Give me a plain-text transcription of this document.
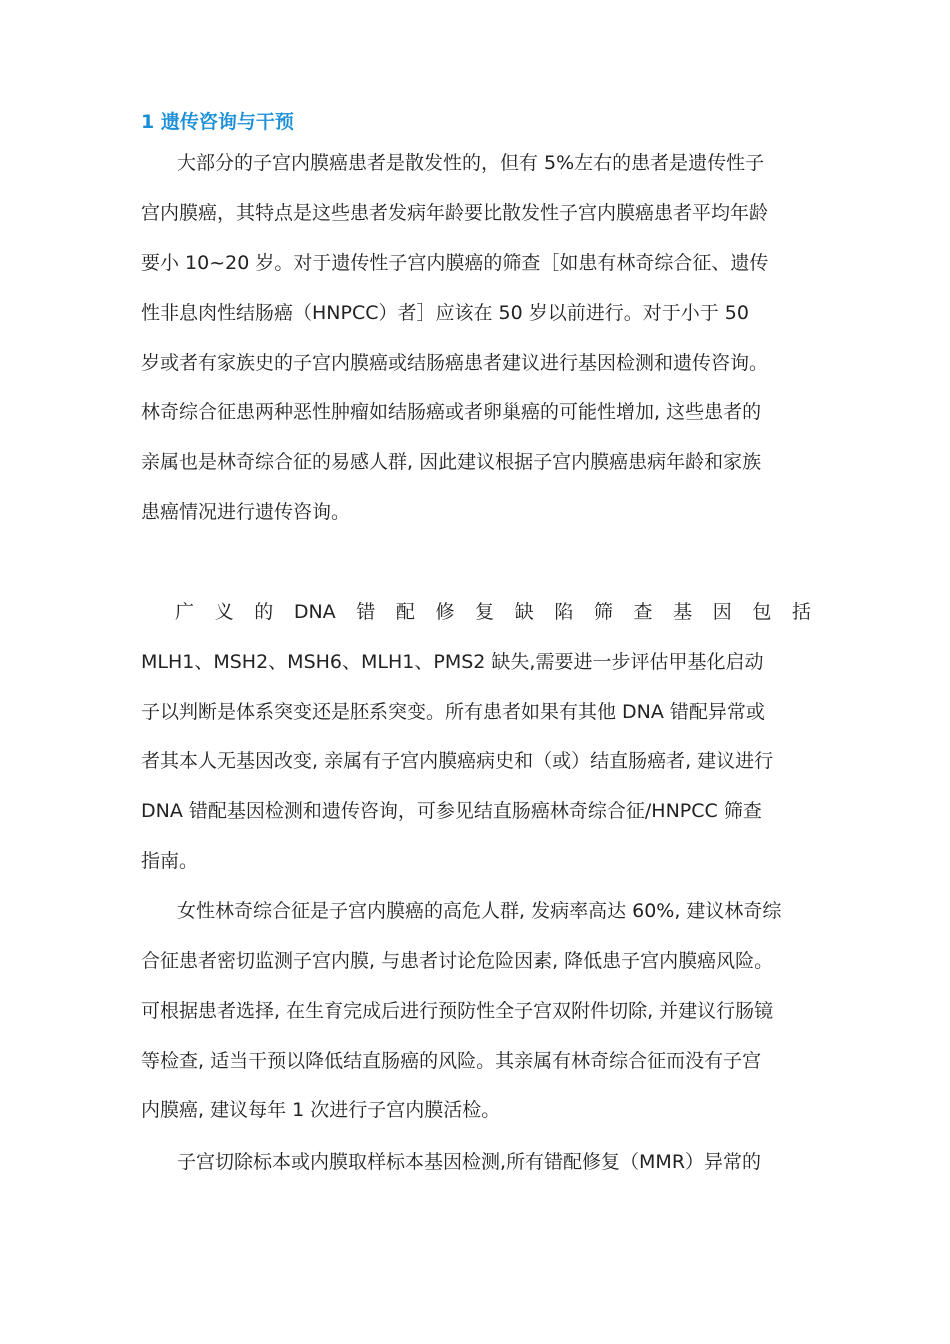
1 遗传咨询与干预
大部分的子宫内膜癌患者是散发性的，但有 5%左右的患者是遗传性子
宫内膜癌，其特点是这些患者发病年龄要比散发性子宫内膜癌患者平均年龄
要小 10~20 岁。对于遗传性子宫内膜癌的筛查［如患有林奇综合征、遗传
性非息肉性结肠癌（HNPCC）者］应该在 50 岁以前进行。对于小于 50
岁或者有家族史的子宫内膜癌或结肠癌患者建议进行基因检测和遗传咨询。
林奇综合征患两种恶性肿瘤如结肠癌或者卵巢癌的可能性增加, 这些患者的
亲属也是林奇综合征的易感人群, 因此建议根据子宫内膜癌患病年龄和家族
患癌情况进行遗传咨询。
广 义 的 DNA 错 配 修 复 缺 陷 筛 查 基 因 包 括
MLH1、MSH2、MSH6、MLH1、PMS2 缺失,需要进一步评估甲基化启动
子以判断是体系突变还是胚系突变。所有患者如果有其他 DNA 错配异常或
者其本人无基因改变, 亲属有子宫内膜癌病史和（或）结直肠癌者, 建议进行
DNA 错配基因检测和遗传咨询，可参见结直肠癌林奇综合征/HNPCC 筛查
指南。
女性林奇综合征是子宫内膜癌的高危人群, 发病率高达 60%, 建议林奇综
合征患者密切监测子宫内膜, 与患者讨论危险因素, 降低患子宫内膜癌风险。
可根据患者选择, 在生育完成后进行预防性全子宫双附件切除, 并建议行肠镜
等检查, 适当干预以降低结直肠癌的风险。其亲属有林奇综合征而没有子宫
内膜癌, 建议每年 1 次进行子宫内膜活检。
子宫切除标本或内膜取样标本基因检测,所有错配修复（MMR）异常的
